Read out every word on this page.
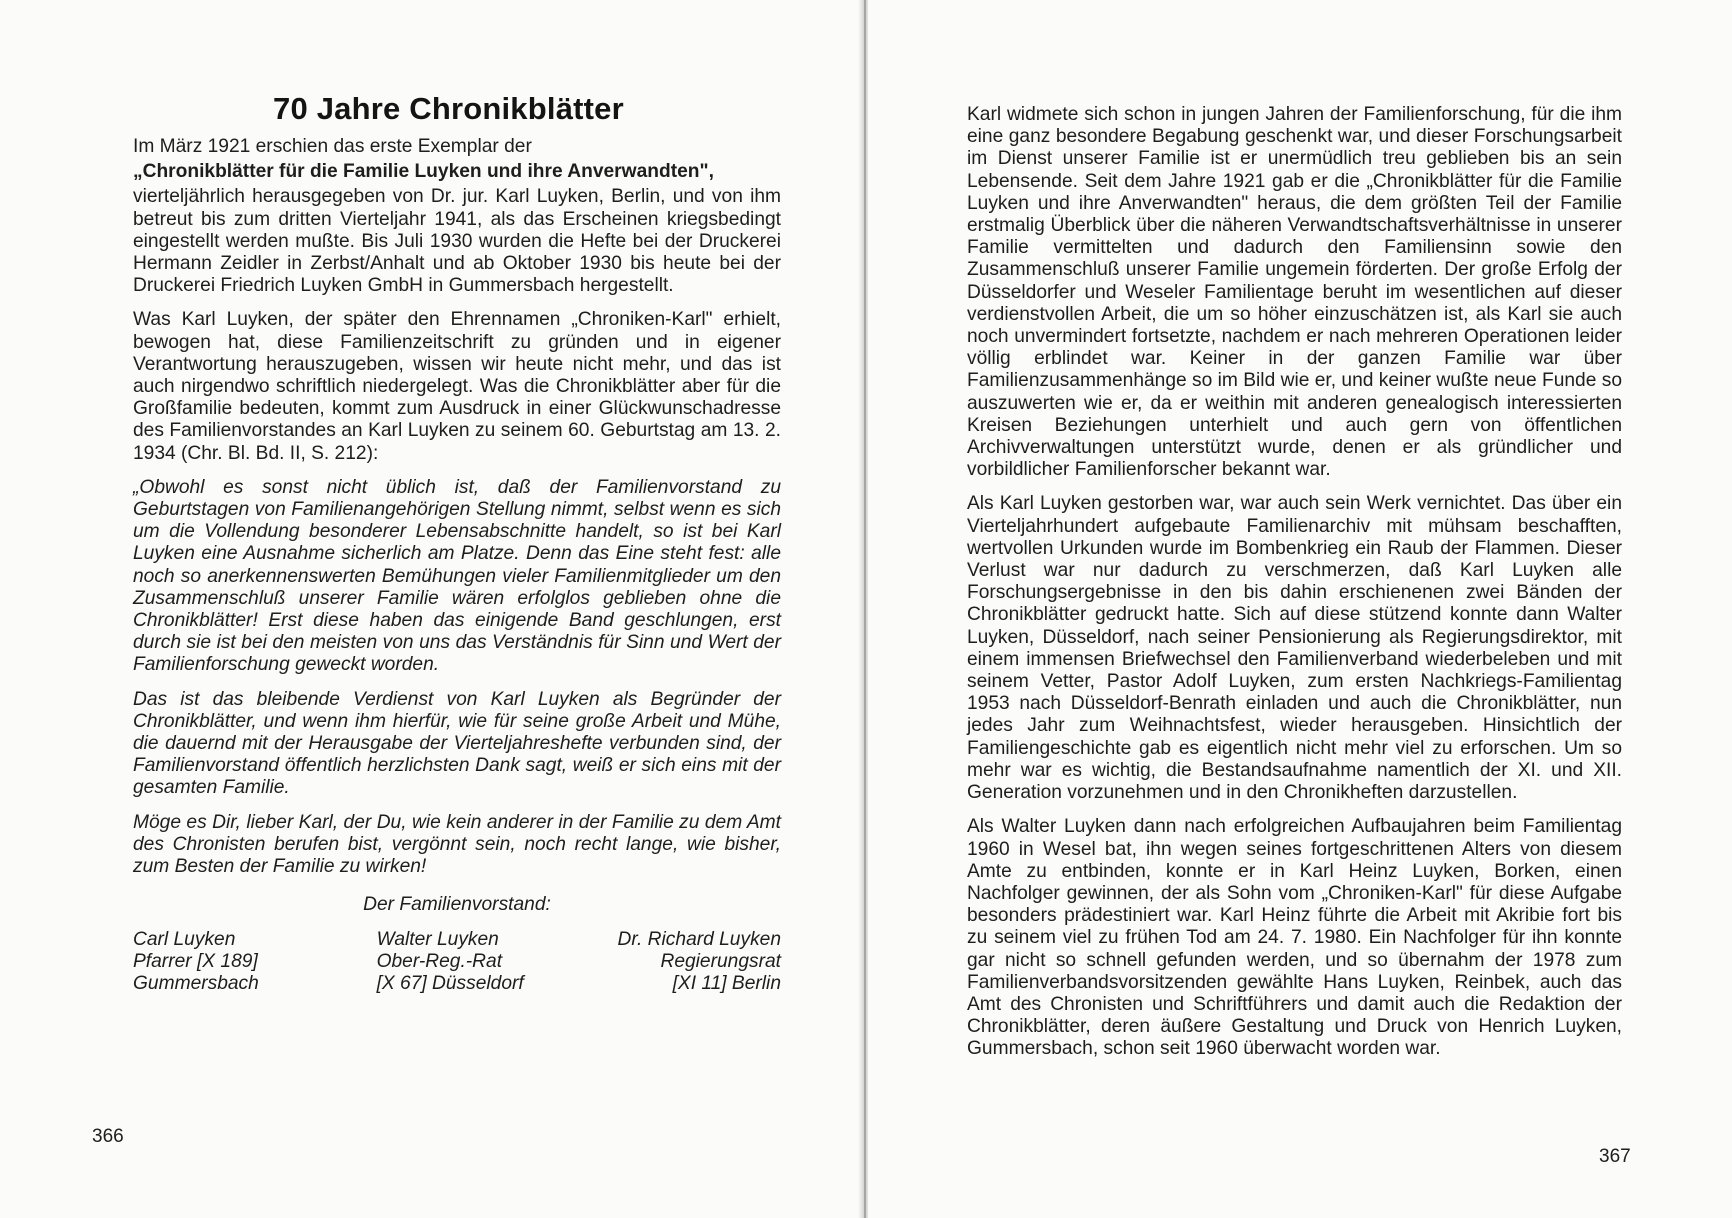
70 Jahre Chronikblätter

Im März 1921 erschien das erste Exemplar der

„Chronikblätter für die Familie Luyken und ihre Anverwandten",

vierteljährlich herausgegeben von Dr. jur. Karl Luyken, Berlin, und von ihm betreut bis zum dritten Vierteljahr 1941, als das Erscheinen kriegsbedingt eingestellt werden mußte. Bis Juli 1930 wurden die Hefte bei der Druckerei Hermann Zeidler in Zerbst/Anhalt und ab Oktober 1930 bis heute bei der Druckerei Friedrich Luyken GmbH in Gummersbach hergestellt.

Was Karl Luyken, der später den Ehrennamen „Chroniken-Karl" erhielt, bewogen hat, diese Familienzeitschrift zu gründen und in eigener Verantwortung herauszugeben, wissen wir heute nicht mehr, und das ist auch nirgendwo schriftlich niedergelegt. Was die Chronikblätter aber für die Großfamilie bedeuten, kommt zum Ausdruck in einer Glückwunschadresse des Familienvorstandes an Karl Luyken zu seinem 60. Geburtstag am 13. 2. 1934 (Chr. Bl. Bd. II, S. 212):

„Obwohl es sonst nicht üblich ist, daß der Familienvorstand zu Geburtstagen von Familienangehörigen Stellung nimmt, selbst wenn es sich um die Vollendung besonderer Lebensabschnitte handelt, so ist bei Karl Luyken eine Ausnahme sicherlich am Platze. Denn das Eine steht fest: alle noch so anerkennenswerten Bemühungen vieler Familienmitglieder um den Zusammenschluß unserer Familie wären erfolglos geblieben ohne die Chronikblätter! Erst diese haben das einigende Band geschlungen, erst durch sie ist bei den meisten von uns das Verständnis für Sinn und Wert der Familienforschung geweckt worden.

Das ist das bleibende Verdienst von Karl Luyken als Begründer der Chronikblätter, und wenn ihm hierfür, wie für seine große Arbeit und Mühe, die dauernd mit der Herausgabe der Vierteljahreshefte verbunden sind, der Familienvorstand öffentlich herzlichsten Dank sagt, weiß er sich eins mit der gesamten Familie.

Möge es Dir, lieber Karl, der Du, wie kein anderer in der Familie zu dem Amt des Chronisten berufen bist, vergönnt sein, noch recht lange, wie bisher, zum Besten der Familie zu wirken!

Der Familienvorstand:
Carl Luyken
Pfarrer [X 189]
Gummersbach
Walter Luyken
Ober-Reg.-Rat
[X 67] Düsseldorf
Dr. Richard Luyken
Regierungsrat
[XI 11] Berlin
366

Karl widmete sich schon in jungen Jahren der Familienforschung, für die ihm eine ganz besondere Begabung geschenkt war, und dieser Forschungsarbeit im Dienst unserer Familie ist er unermüdlich treu geblieben bis an sein Lebensende. Seit dem Jahre 1921 gab er die „Chronikblätter für die Familie Luyken und ihre Anverwandten" heraus, die dem größten Teil der Familie erstmalig Überblick über die näheren Verwandtschaftsverhältnisse in unserer Familie vermittelten und dadurch den Familiensinn sowie den Zusammenschluß unserer Familie ungemein förderten. Der große Erfolg der Düsseldorfer und Weseler Familientage beruht im wesentlichen auf dieser verdienstvollen Arbeit, die um so höher einzuschätzen ist, als Karl sie auch noch unvermindert fortsetzte, nachdem er nach mehreren Operationen leider völlig erblindet war. Keiner in der ganzen Familie war über Familienzusammenhänge so im Bild wie er, und keiner wußte neue Funde so auszuwerten wie er, da er weithin mit anderen genealogisch interessierten Kreisen Beziehungen unterhielt und auch gern von öffentlichen Archivverwaltungen unterstützt wurde, denen er als gründlicher und vorbildlicher Familienforscher bekannt war.

Als Karl Luyken gestorben war, war auch sein Werk vernichtet. Das über ein Vierteljahrhundert aufgebaute Familienarchiv mit mühsam beschafften, wertvollen Urkunden wurde im Bombenkrieg ein Raub der Flammen. Dieser Verlust war nur dadurch zu verschmerzen, daß Karl Luyken alle Forschungsergebnisse in den bis dahin erschienenen zwei Bänden der Chronikblätter gedruckt hatte. Sich auf diese stützend konnte dann Walter Luyken, Düsseldorf, nach seiner Pensionierung als Regierungsdirektor, mit einem immensen Briefwechsel den Familienverband wiederbeleben und mit seinem Vetter, Pastor Adolf Luyken, zum ersten Nachkriegs-Familientag 1953 nach Düsseldorf-Benrath einladen und auch die Chronikblätter, nun jedes Jahr zum Weihnachtsfest, wieder herausgeben. Hinsichtlich der Familiengeschichte gab es eigentlich nicht mehr viel zu erforschen. Um so mehr war es wichtig, die Bestandsaufnahme namentlich der XI. und XII. Generation vorzunehmen und in den Chronikheften darzustellen.

Als Walter Luyken dann nach erfolgreichen Aufbaujahren beim Familientag 1960 in Wesel bat, ihn wegen seines fortgeschrittenen Alters von diesem Amte zu entbinden, konnte er in Karl Heinz Luyken, Borken, einen Nachfolger gewinnen, der als Sohn vom „Chroniken-Karl" für diese Aufgabe besonders prädestiniert war. Karl Heinz führte die Arbeit mit Akribie fort bis zu seinem viel zu frühen Tod am 24. 7. 1980. Ein Nachfolger für ihn konnte gar nicht so schnell gefunden werden, und so übernahm der 1978 zum Familienverbandsvorsitzenden gewählte Hans Luyken, Reinbek, auch das Amt des Chronisten und Schriftführers und damit auch die Redaktion der Chronikblätter, deren äußere Gestaltung und Druck von Henrich Luyken, Gummersbach, schon seit 1960 überwacht worden war.

367
